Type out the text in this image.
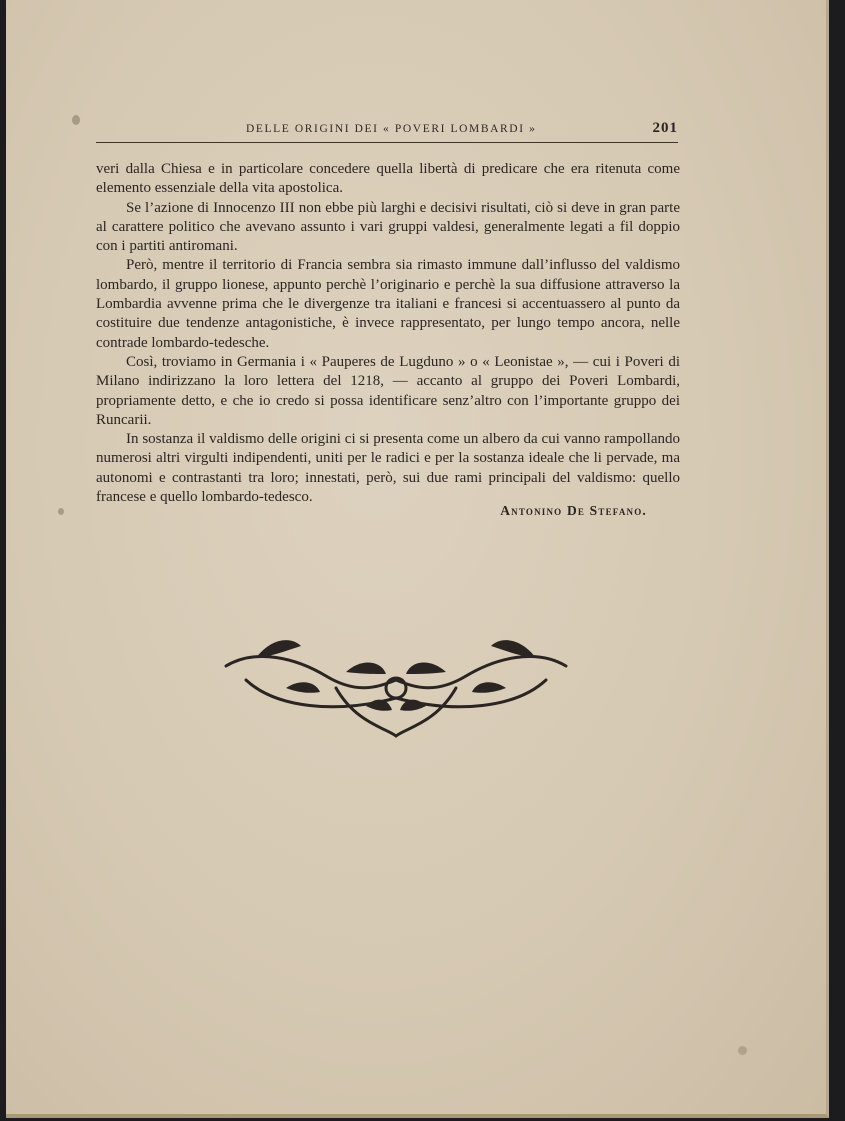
DELLE ORIGINI DEI « POVERI LOMBARDI »	201

veri dalla Chiesa e in particolare concedere quella libertà di predicare che era ritenuta come elemento essenziale della vita apostolica.

Se l’azione di Innocenzo III non ebbe più larghi e decisivi risultati, ciò si deve in gran parte al carattere politico che avevano assunto i vari gruppi valdesi, generalmente legati a fil doppio con i partiti antiromani.

Però, mentre il territorio di Francia sembra sia rimasto immune dall’influsso del valdismo lombardo, il gruppo lionese, appunto perchè l’originario e perchè la sua diffusione attraverso la Lombardia avvenne prima che le divergenze tra italiani e francesi si accentuassero al punto da costituire due tendenze antagonistiche, è invece rappresentato, per lungo tempo ancora, nelle contrade lombardo-tedesche.

Così, troviamo in Germania i « Pauperes de Lugduno » o « Leonistae », — cui i Poveri di Milano indirizzano la loro lettera del 1218, — accanto al gruppo dei Poveri Lombardi, propriamente detto, e che io credo si possa identificare senz’altro con l’importante gruppo dei Runcarii.

In sostanza il valdismo delle origini ci si presenta come un albero da cui vanno rampollando numerosi altri virgulti indipendenti, uniti per le radici e per la sostanza ideale che li pervade, ma autonomi e contrastanti tra loro; innestati, però, sui due rami principali del valdismo: quello francese e quello lombardo-tedesco.

Antonino De Stefano.
